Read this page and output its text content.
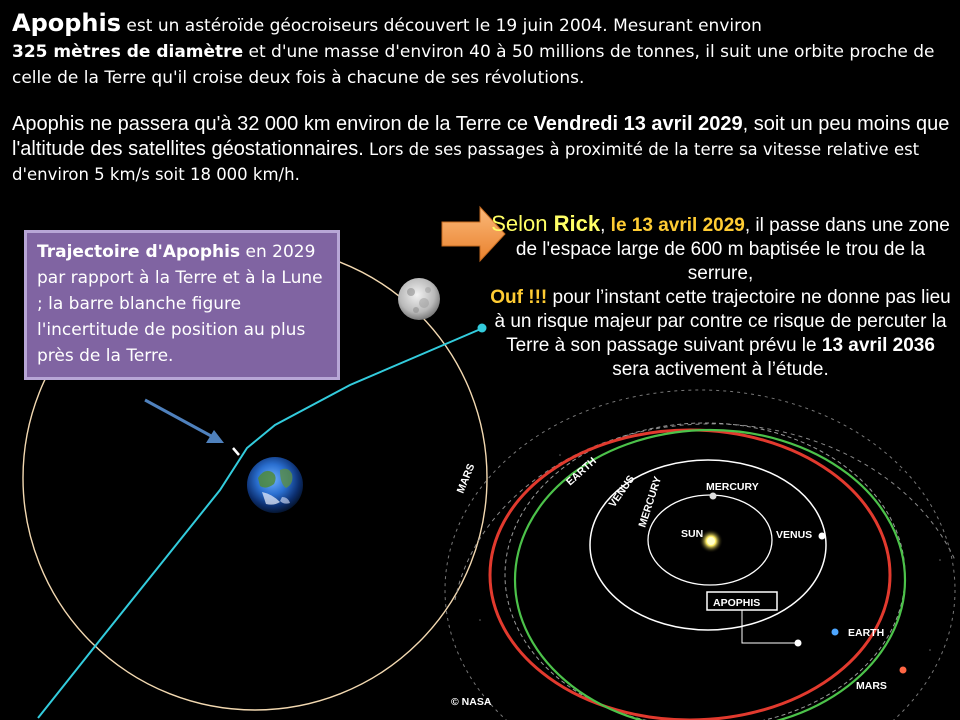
SUN
MERCURY
VENUS
EARTH
MARS
APOPHIS
MERCURY
VENUS
EARTH
MARS
© NASA
Apophis est un astéroïde géocroiseurs découvert le 19 juin 2004. Mesurant environ
325 mètres de diamètre et d'une masse d'environ 40 à 50 millions de tonnes, il suit une orbite proche de celle de la Terre qu'il croise deux fois à chacune de ses révolutions.
Apophis ne passera qu'à 32 000 km environ de la Terre ce Vendredi 13 avril 2029, soit un peu moins que l'altitude des satellites géostationnaires. Lors de ses passages à proximité de la terre sa vitesse relative est d'environ 5 km/s soit 18 000 km/h.
Trajectoire d'Apophis en 2029 par rapport à la Terre et à la Lune ; la barre blanche figure l'incertitude de position au plus près de la Terre.
Selon Rick, le 13 avril 2029, il passe dans une zone de l'espace large de 600 m baptisée le trou de la serrure,
Ouf !!! pour l’instant cette trajectoire ne donne pas lieu à un risque majeur par contre ce risque de percuter la Terre à son passage suivant prévu le 13 avril 2036 sera activement à l’étude.
